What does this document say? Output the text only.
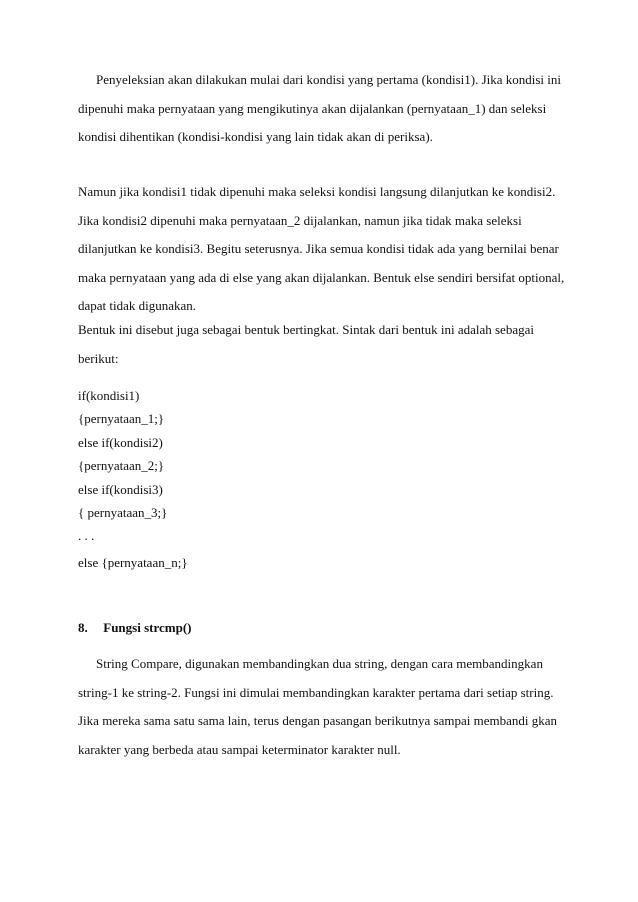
Penyeleksian akan dilakukan mulai dari kondisi yang pertama (kondisi1). Jika kondisi ini
dipenuhi maka pernyataan yang mengikutinya akan dijalankan (pernyataan_1) dan seleksi
kondisi dihentikan (kondisi-kondisi yang lain tidak akan di periksa).

Namun jika kondisi1 tidak dipenuhi maka seleksi kondisi langsung dilanjutkan ke kondisi2.
Jika kondisi2 dipenuhi maka pernyataan_2 dijalankan, namun jika tidak maka seleksi
dilanjutkan ke kondisi3. Begitu seterusnya. Jika semua kondisi tidak ada yang bernilai benar
maka pernyataan yang ada di else yang akan dijalankan. Bentuk else sendiri bersifat optional,
dapat tidak digunakan.

Bentuk ini disebut juga sebagai bentuk bertingkat. Sintak dari bentuk ini adalah sebagai
berikut:

if(kondisi1)
{pernyataan_1;}
else if(kondisi2)
{pernyataan_2;}
else if(kondisi3)
{ pernyataan_3;}
. . .
else {pernyataan_n;}
8. Fungsi strcmp()

String Compare, digunakan membandingkan dua string, dengan cara membandingkan
string-1 ke string-2. Fungsi ini dimulai membandingkan karakter pertama dari setiap string.
Jika mereka sama satu sama lain, terus dengan pasangan berikutnya sampai membandi gkan
karakter yang berbeda atau sampai keterminator karakter null.
